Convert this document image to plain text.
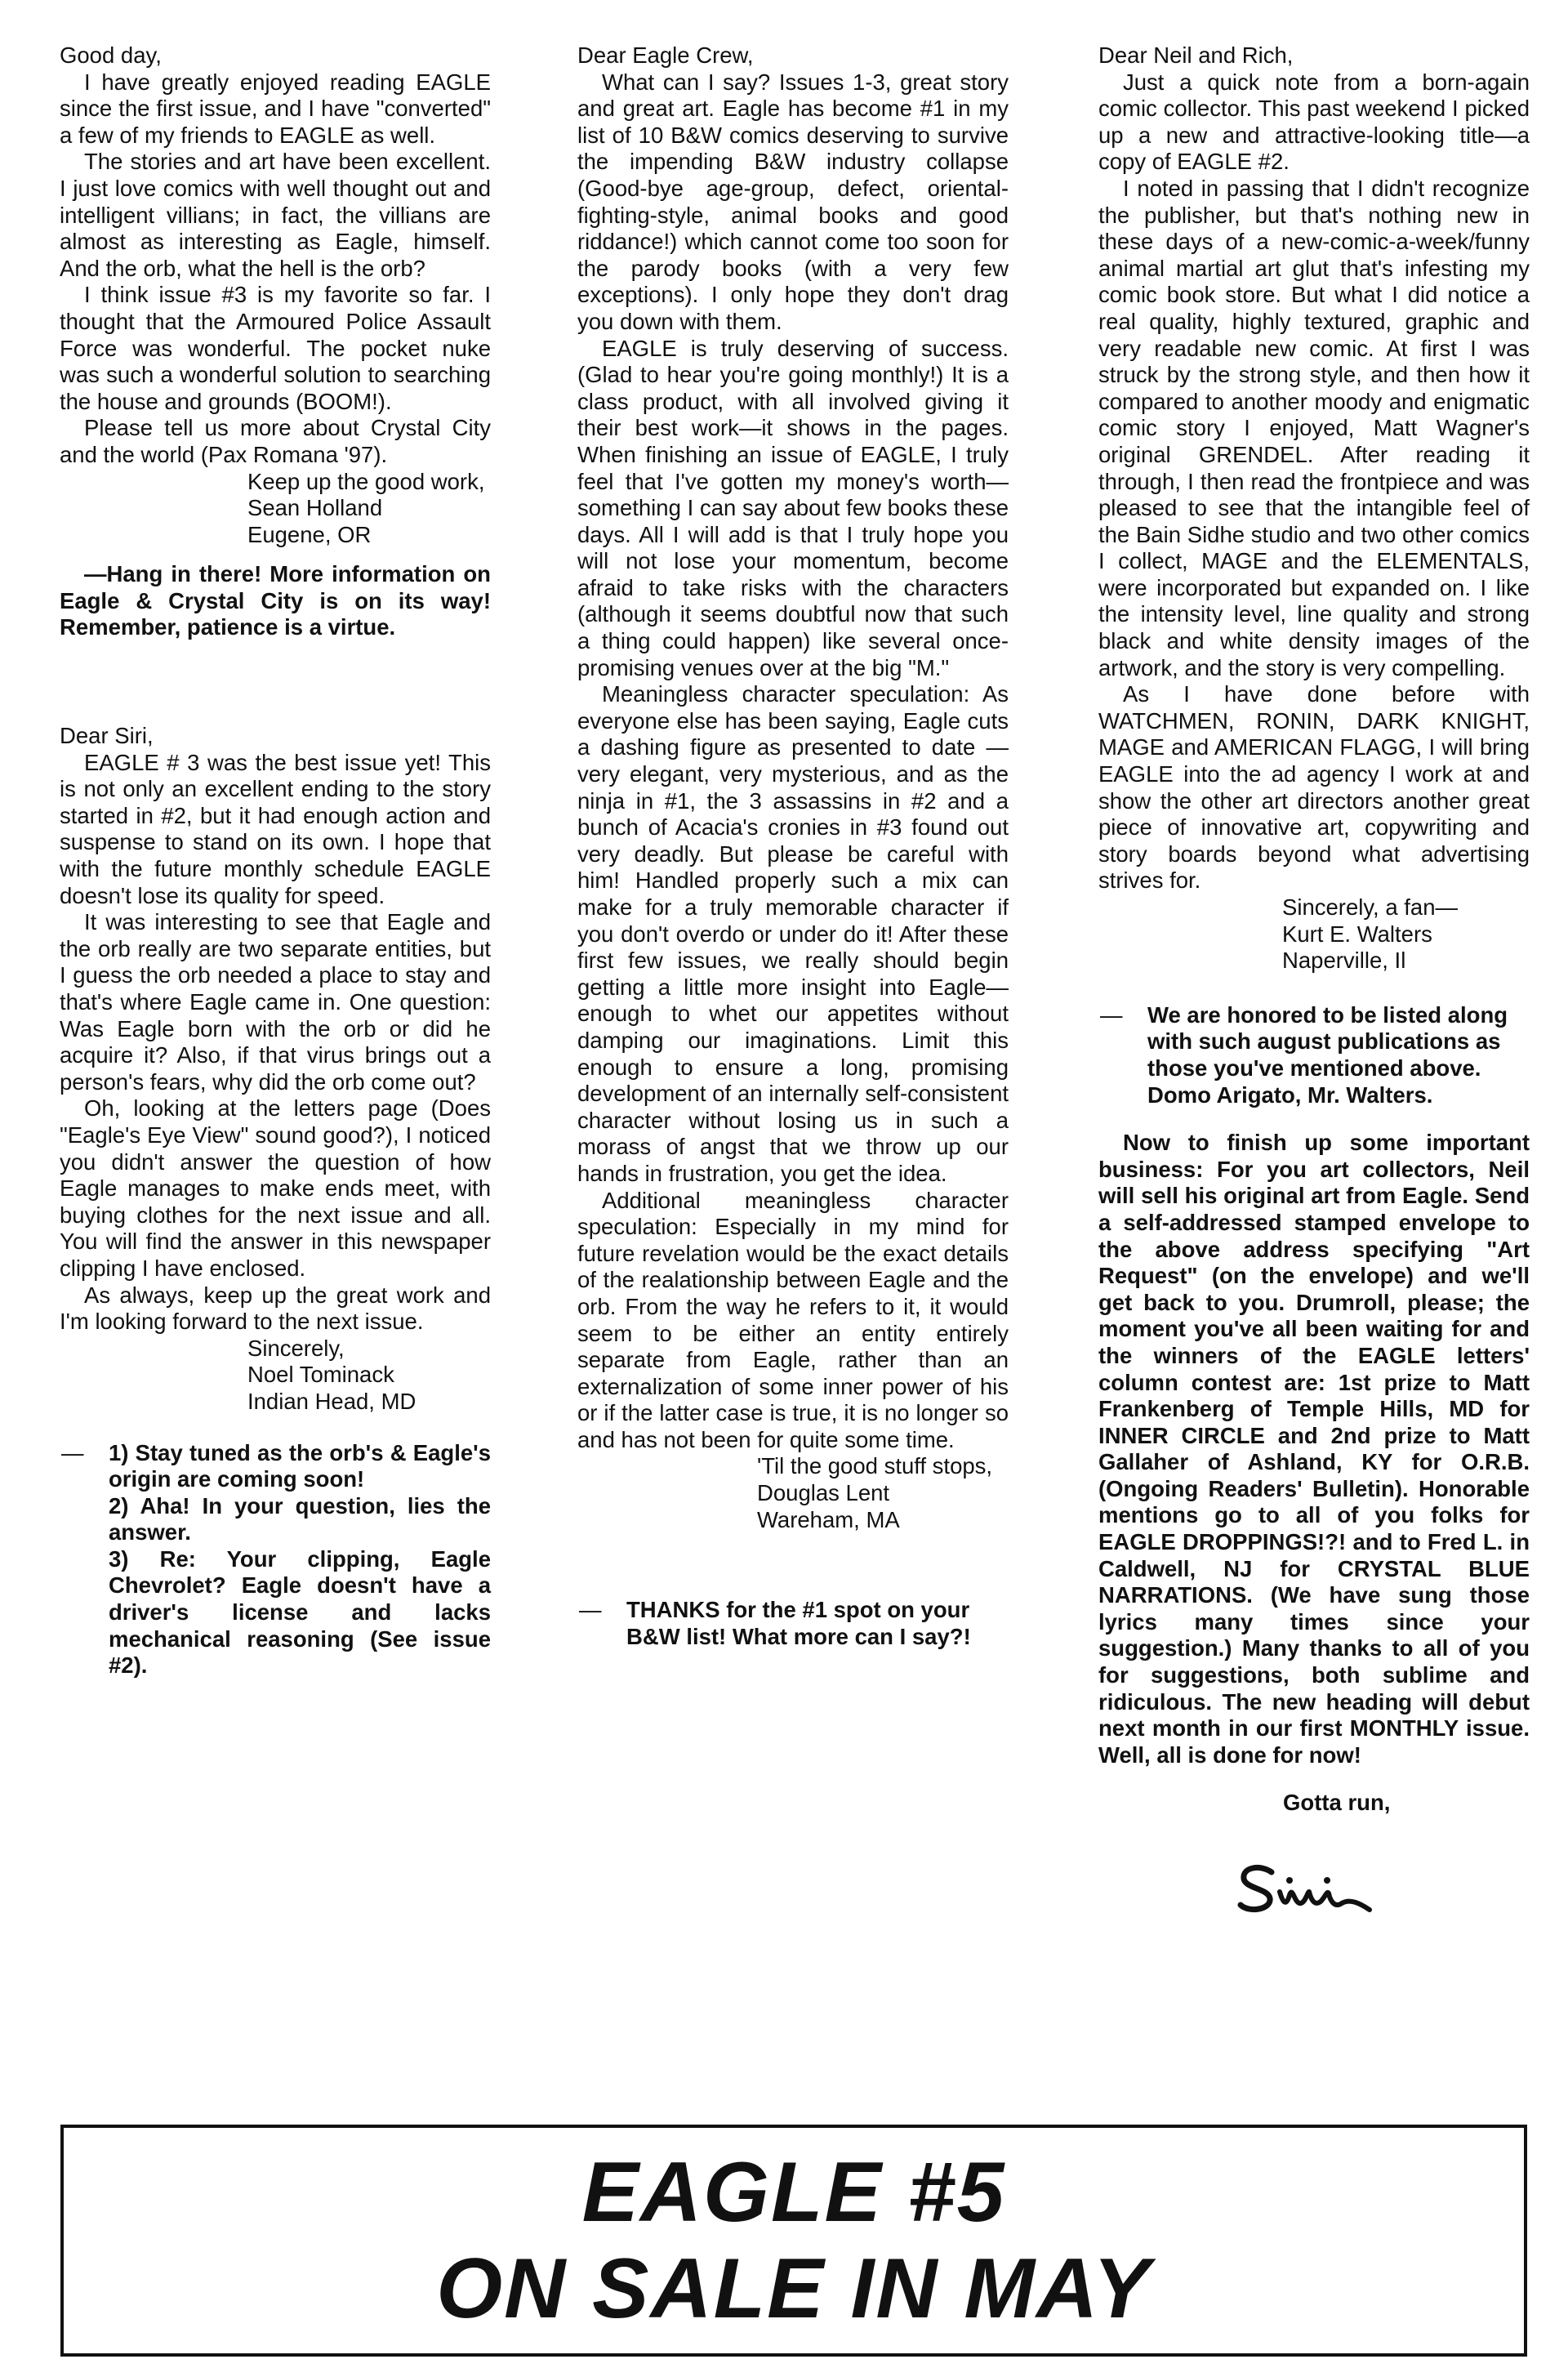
Good day,

I have greatly enjoyed reading EAGLE since the first issue, and I have "converted" a few of my friends to EAGLE as well.

The stories and art have been excellent. I just love comics with well thought out and intelligent villians; in fact, the villians are almost as interesting as Eagle, himself. And the orb, what the hell is the orb?

I think issue #3 is my favorite so far. I thought that the Armoured Police Assault Force was wonderful. The pocket nuke was such a wonderful solution to searching the house and grounds (BOOM!).

Please tell us more about Crystal City and the world (Pax Romana '97).

Keep up the good work,

Sean Holland

Eugene, OR

—Hang in there! More information on Eagle & Crystal City is on its way! Remember, patience is a virtue.

Dear Siri,

EAGLE # 3 was the best issue yet! This is not only an excellent ending to the story started in #2, but it had enough action and suspense to stand on its own. I hope that with the future monthly schedule EAGLE doesn't lose its quality for speed.

It was interesting to see that Eagle and the orb really are two separate entities, but I guess the orb needed a place to stay and that's where Eagle came in. One question: Was Eagle born with the orb or did he acquire it? Also, if that virus brings out a person's fears, why did the orb come out?

Oh, looking at the letters page (Does "Eagle's Eye View" sound good?), I noticed you didn't answer the question of how Eagle manages to make ends meet, with buying clothes for the next issue and all. You will find the answer in this newspaper clipping I have enclosed.

As always, keep up the great work and I'm looking forward to the next issue.

Sincerely,

Noel Tominack

Indian Head, MD

—	1) Stay tuned as the orb's & Eagle's origin are coming soon!
2) Aha! In your question, lies the answer.
3) Re: Your clipping, Eagle Chevrolet? Eagle doesn't have a driver's license and lacks mechanical reasoning (See issue #2).

Dear Eagle Crew,

What can I say? Issues 1-3, great story and great art. Eagle has become #1 in my list of 10 B&W comics deserving to survive the impending B&W industry collapse (Good-bye age-group, defect, oriental-fighting-style, animal books and good riddance!) which cannot come too soon for the parody books (with a very few exceptions). I only hope they don't drag you down with them.

EAGLE is truly deserving of success. (Glad to hear you're going monthly!) It is a class product, with all involved giving it their best work—it shows in the pages. When finishing an issue of EAGLE, I truly feel that I've gotten my money's worth—something I can say about few books these days. All I will add is that I truly hope you will not lose your momentum, become afraid to take risks with the characters (although it seems doubtful now that such a thing could happen) like several once-promising venues over at the big "M."

Meaningless character speculation: As everyone else has been saying, Eagle cuts a dashing figure as presented to date — very elegant, very mysterious, and as the ninja in #1, the 3 assassins in #2 and a bunch of Acacia's cronies in #3 found out very deadly. But please be careful with him! Handled properly such a mix can make for a truly memorable character if you don't overdo or under do it! After these first few issues, we really should begin getting a little more insight into Eagle—enough to whet our appetites without damping our imaginations. Limit this enough to ensure a long, promising development of an internally self-consistent character without losing us in such a morass of angst that we throw up our hands in frustration, you get the idea.

Additional meaningless character speculation: Especially in my mind for future revelation would be the exact details of the realationship between Eagle and the orb. From the way he refers to it, it would seem to be either an entity entirely separate from Eagle, rather than an externalization of some inner power of his or if the latter case is true, it is no longer so and has not been for quite some time.

'Til the good stuff stops,

Douglas Lent

Wareham, MA

—	THANKS for the #1 spot on your B&W list! What more can I say?!

Dear Neil and Rich,

Just a quick note from a born-again comic collector. This past weekend I picked up a new and attractive-looking title—a copy of EAGLE #2.

I noted in passing that I didn't recognize the publisher, but that's nothing new in these days of a new-comic-a-week/funny animal martial art glut that's infesting my comic book store. But what I did notice a real quality, highly textured, graphic and very readable new comic. At first I was struck by the strong style, and then how it compared to another moody and enigmatic comic story I enjoyed, Matt Wagner's original GRENDEL. After reading it through, I then read the frontpiece and was pleased to see that the intangible feel of the Bain Sidhe studio and two other comics I collect, MAGE and the ELEMENTALS, were incorporated but expanded on. I like the intensity level, line quality and strong black and white density images of the artwork, and the story is very compelling.

As I have done before with WATCHMEN, RONIN, DARK KNIGHT, MAGE and AMERICAN FLAGG, I will bring EAGLE into the ad agency I work at and show the other art directors another great piece of innovative art, copywriting and story boards beyond what advertising strives for.

Sincerely, a fan—

Kurt E. Walters

Naperville, Il

—	We are honored to be listed along with such august publications as those you've mentioned above. Domo Arigato, Mr. Walters.

Now to finish up some important business: For you art collectors, Neil will sell his original art from Eagle. Send a self-addressed stamped envelope to the above address specifying "Art Request" (on the envelope) and we'll get back to you. Drumroll, please; the moment you've all been waiting for and the winners of the EAGLE letters' column contest are: 1st prize to Matt Frankenberg of Temple Hills, MD for INNER CIRCLE and 2nd prize to Matt Gallaher of Ashland, KY for O.R.B. (Ongoing Readers' Bulletin). Honorable mentions go to all of you folks for EAGLE DROPPINGS!?! and to Fred L. in Caldwell, NJ for CRYSTAL BLUE NARRATIONS. (We have sung those lyrics many times since your suggestion.) Many thanks to all of you for suggestions, both sublime and ridiculous. The new heading will debut next month in our first MONTHLY issue. Well, all is done for now!

Gotta run,

EAGLE #5
ON SALE IN MAY
